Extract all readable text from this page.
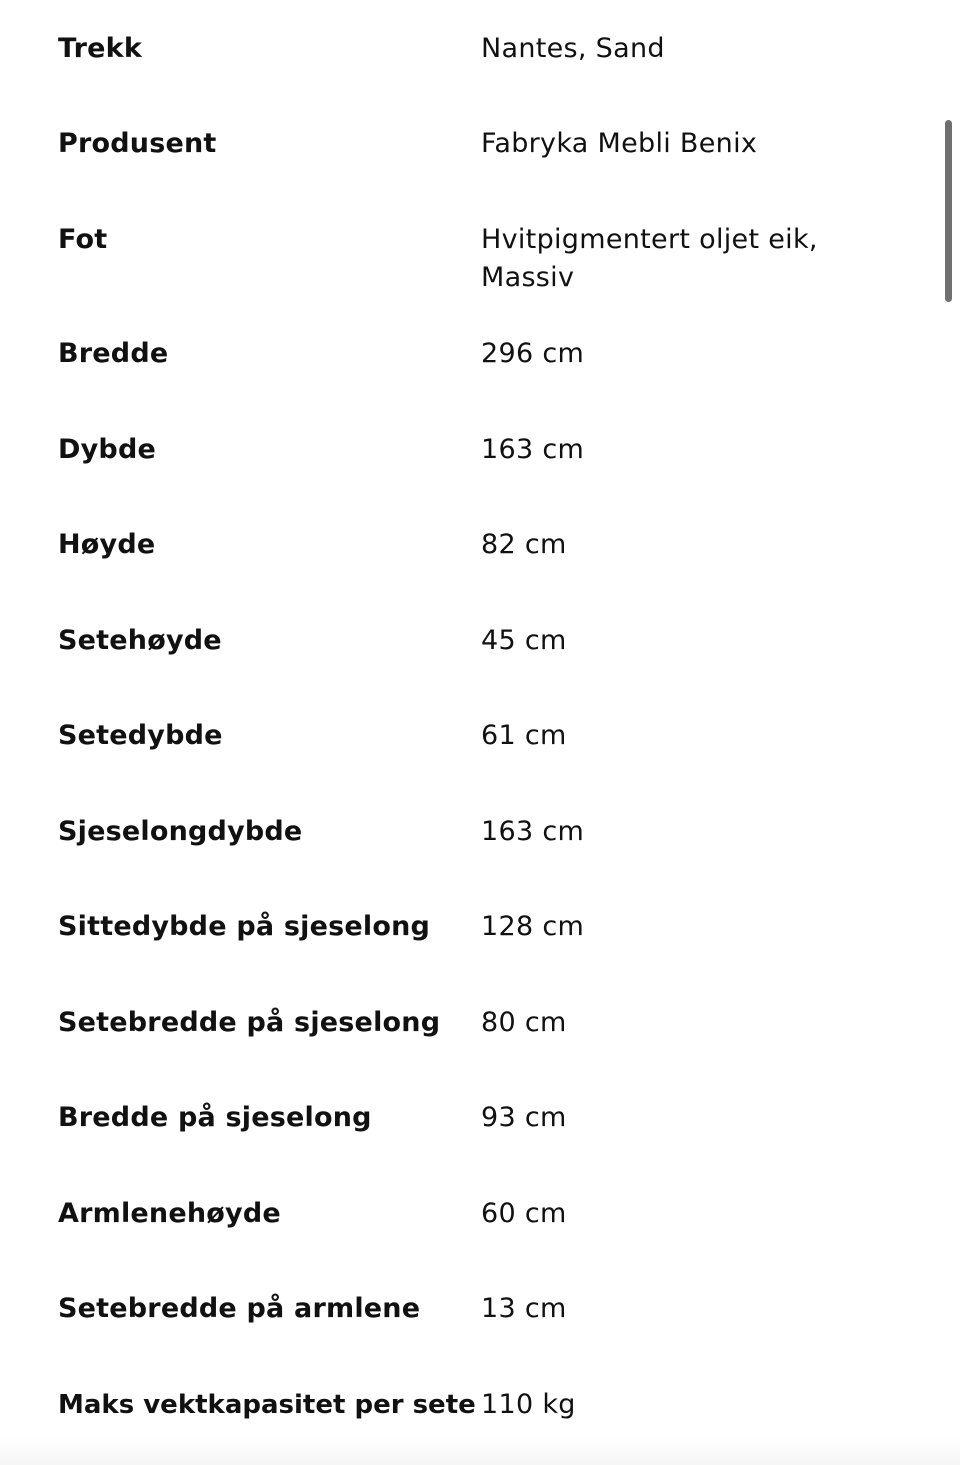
Trekk	Nantes, Sand
Produsent	Fabryka Mebli Benix
Fot	Hvitpigmentert oljet eik,
Massiv
Bredde	296 cm
Dybde	163 cm
Høyde	82 cm
Setehøyde	45 cm
Setedybde	61 cm
Sjeselongdybde	163 cm
Sittedybde på sjeselong	128 cm
Setebredde på sjeselong	80 cm
Bredde på sjeselong	93 cm
Armlenehøyde	60 cm
Setebredde på armlene	13 cm
Maks vektkapasitet per sete 110 kg
